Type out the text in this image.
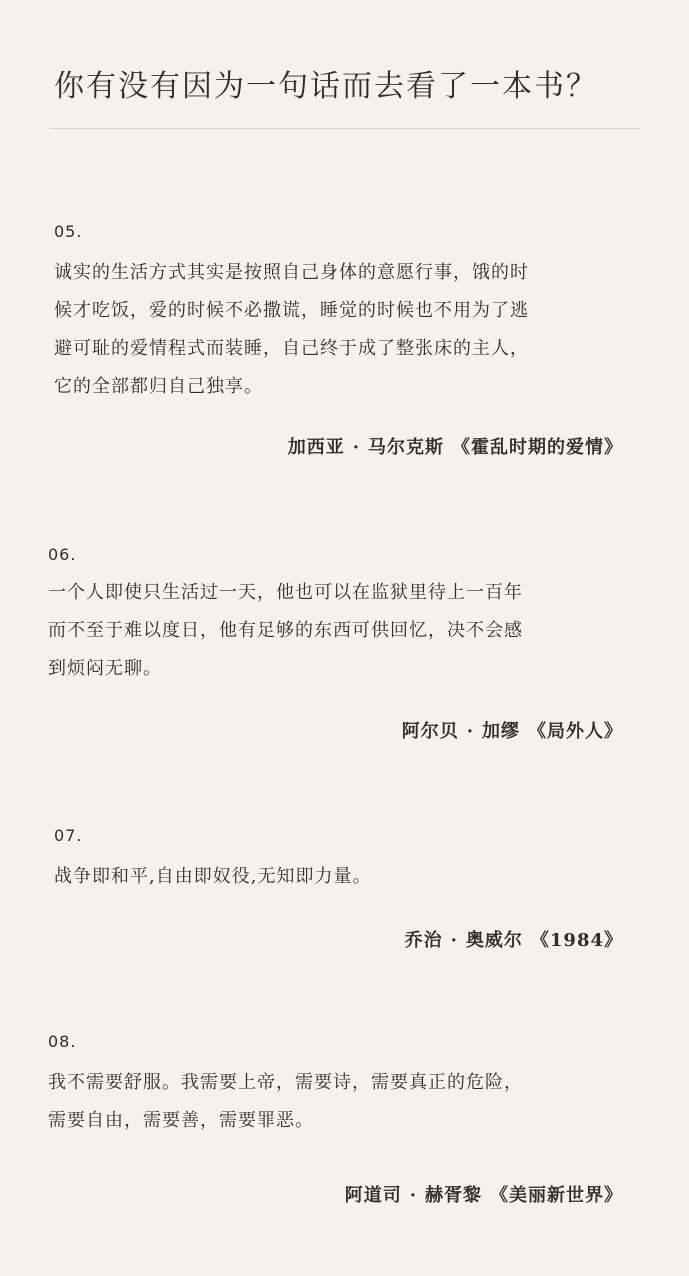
你有没有因为一句话而去看了一本书？
05.
诚实的生活方式其实是按照自己身体的意愿行事，饿的时
候才吃饭，爱的时候不必撒谎，睡觉的时候也不用为了逃
避可耻的爱情程式而装睡，自己终于成了整张床的主人，
它的全部都归自己独享。
加西亚 · 马尔克斯 《霍乱时期的爱情》
06.
一个人即使只生活过一天，他也可以在监狱里待上一百年
而不至于难以度日，他有足够的东西可供回忆，决不会感
到烦闷无聊。
阿尔贝 · 加缪 《局外人》
07.
战争即和平,自由即奴役,无知即力量。
乔治 · 奥威尔 《1984》
08.
我不需要舒服。我需要上帝，需要诗，需要真正的危险，
需要自由，需要善，需要罪恶。
阿道司 · 赫胥黎 《美丽新世界》
